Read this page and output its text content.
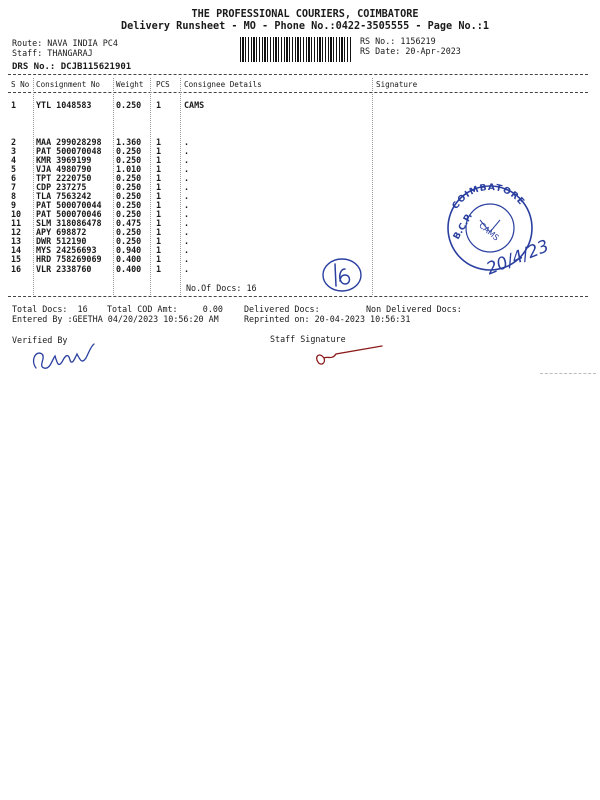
THE PROFESSIONAL COURIERS, COIMBATORE
Delivery Runsheet - MO - Phone No.:0422-3505555 - Page No.:1
Route: NAVA INDIA PC4
Staff: THANGARAJ
DRS No.: DCJB115621901
RS No.: 1156219
RS Date: 20-Apr-2023
S No Consignment No Weight PCS Consignee Details	Signature
1 YTL 1048583	0.250 1	CAMS
2 MAA 299028298 1.360 1	.
3 PAT 500070048 0.250 1	.
4 KMR 3969199	0.250 1	.
5 VJA 4980790	1.010 1	.
6 TPT 2220750	0.250 1	.
7 CDP 237275	0.250 1	.
8 TLA 7563242	0.250 1	.
9 PAT 500070044 0.250 1	.
10 PAT 500070046 0.250 1	.
11 SLM 318086478 0.475 1	.
12 APY 698872	0.250 1	.
13 DWR 512190	0.250 1	.
14 MYS 24256693 0.940 1	.
15 HRD 758269069 0.400 1	.
16 VLR 2338760	0.400 1	.
No.Of Docs: 16
Total Docs:  16 Total COD Amt:     0.00	Delivered Docs:	Non Delivered Docs:
Entered By :GEETHA 04/20/2023 10:56:20 AM	Reprinted on: 20-04-2023 10:56:31
Verified By	Staff Signature
COIMBATORE
B.C.P. CAMS
20/4/23
